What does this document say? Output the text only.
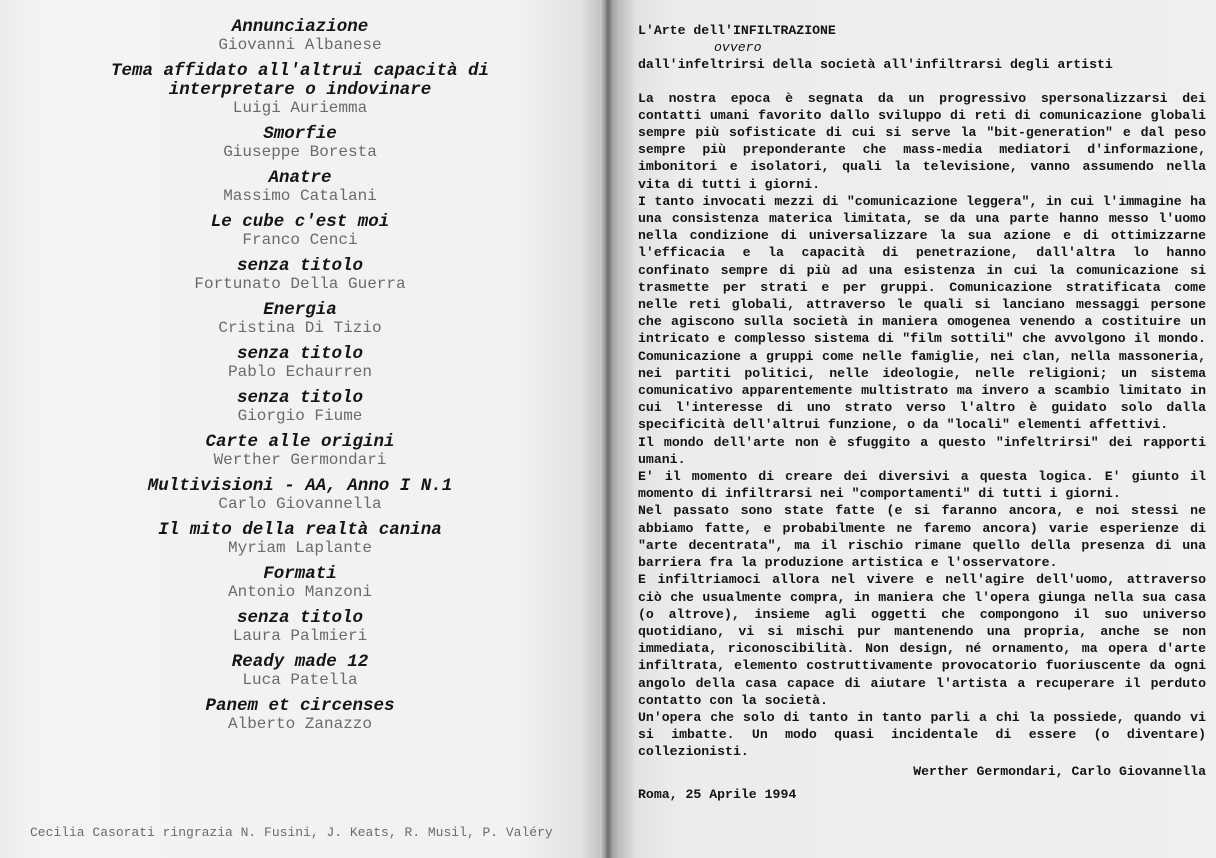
Annunciazione
Giovanni Albanese
Tema affidato all'altrui capacità di interpretare o indovinare
Luigi Auriemma
Smorfie
Giuseppe Boresta
Anatre
Massimo Catalani
Le cube c'est moi
Franco Cenci
senza titolo
Fortunato Della Guerra
Energia
Cristina Di Tizio
senza titolo
Pablo Echaurren
senza titolo
Giorgio Fiume
Carte alle origini
Werther Germondari
Multivisioni - AA, Anno I N.1
Carlo Giovannella
Il mito della realtà canina
Myriam Laplante
Formati
Antonio Manzoni
senza titolo
Laura Palmieri
Ready made 12
Luca Patella
Panem et circenses
Alberto Zanazzo
Cecilia Casorati ringrazia N. Fusini, J. Keats, R. Musil, P. Valéry
L'Arte dell'INFILTRAZIONE
ovvero
dall'infeltrirsi della società all'infiltrarsi degli artisti
La nostra epoca è segnata da un progressivo spersonalizzarsi dei contatti umani favorito dallo sviluppo di reti di comunicazione globali sempre più sofisticate di cui si serve la "bit-generation" e dal peso sempre più preponderante che mass-media mediatori d'informazione, imbonitori e isolatori, quali la televisione, vanno assumendo nella vita di tutti i giorni.
I tanto invocati mezzi di "comunicazione leggera", in cui l'immagine ha una consistenza materica limitata, se da una parte hanno messo l'uomo nella condizione di universalizzare la sua azione e di ottimizzarne l'efficacia e la capacità di penetrazione, dall'altra lo hanno confinato sempre di più ad una esistenza in cui la comunicazione si trasmette per strati e per gruppi. Comunicazione stratificata come nelle reti globali, attraverso le quali si lanciano messaggi persone che agiscono sulla società in maniera omogenea venendo a costituire un intricato e complesso sistema di "film sottili" che avvolgono il mondo. Comunicazione a gruppi come nelle famiglie, nei clan, nella massoneria, nei partiti politici, nelle ideologie, nelle religioni; un sistema comunicativo apparentemente multistrato ma invero a scambio limitato in cui l'interesse di uno strato verso l'altro è guidato solo dalla specificità dell'altrui funzione, o da "locali" elementi affettivi.
Il mondo dell'arte non è sfuggito a questo "infeltrirsi" dei rapporti umani.
E' il momento di creare dei diversivi a questa logica. E' giunto il momento di infiltrarsi nei "comportamenti" di tutti i giorni.
Nel passato sono state fatte (e si faranno ancora, e noi stessi ne abbiamo fatte, e probabilmente ne faremo ancora) varie esperienze di "arte decentrata", ma il rischio rimane quello della presenza di una barriera fra la produzione artistica e l'osservatore.
E infiltriamoci allora nel vivere e nell'agire dell'uomo, attraverso ciò che usualmente compra, in maniera che l'opera giunga nella sua casa (o altrove), insieme agli oggetti che compongono il suo universo quotidiano, vi si mischi pur mantenendo una propria, anche se non immediata, riconoscibilità. Non design, né ornamento, ma opera d'arte infiltrata, elemento costruttivamente provocatorio fuoriuscente da ogni angolo della casa capace di aiutare l'artista a recuperare il perduto contatto con la società.
Un'opera che solo di tanto in tanto parli a chi la possiede, quando vi si imbatte. Un modo quasi incidentale di essere (o diventare) collezionisti.
Werther Germondari, Carlo Giovannella
Roma, 25 Aprile 1994
